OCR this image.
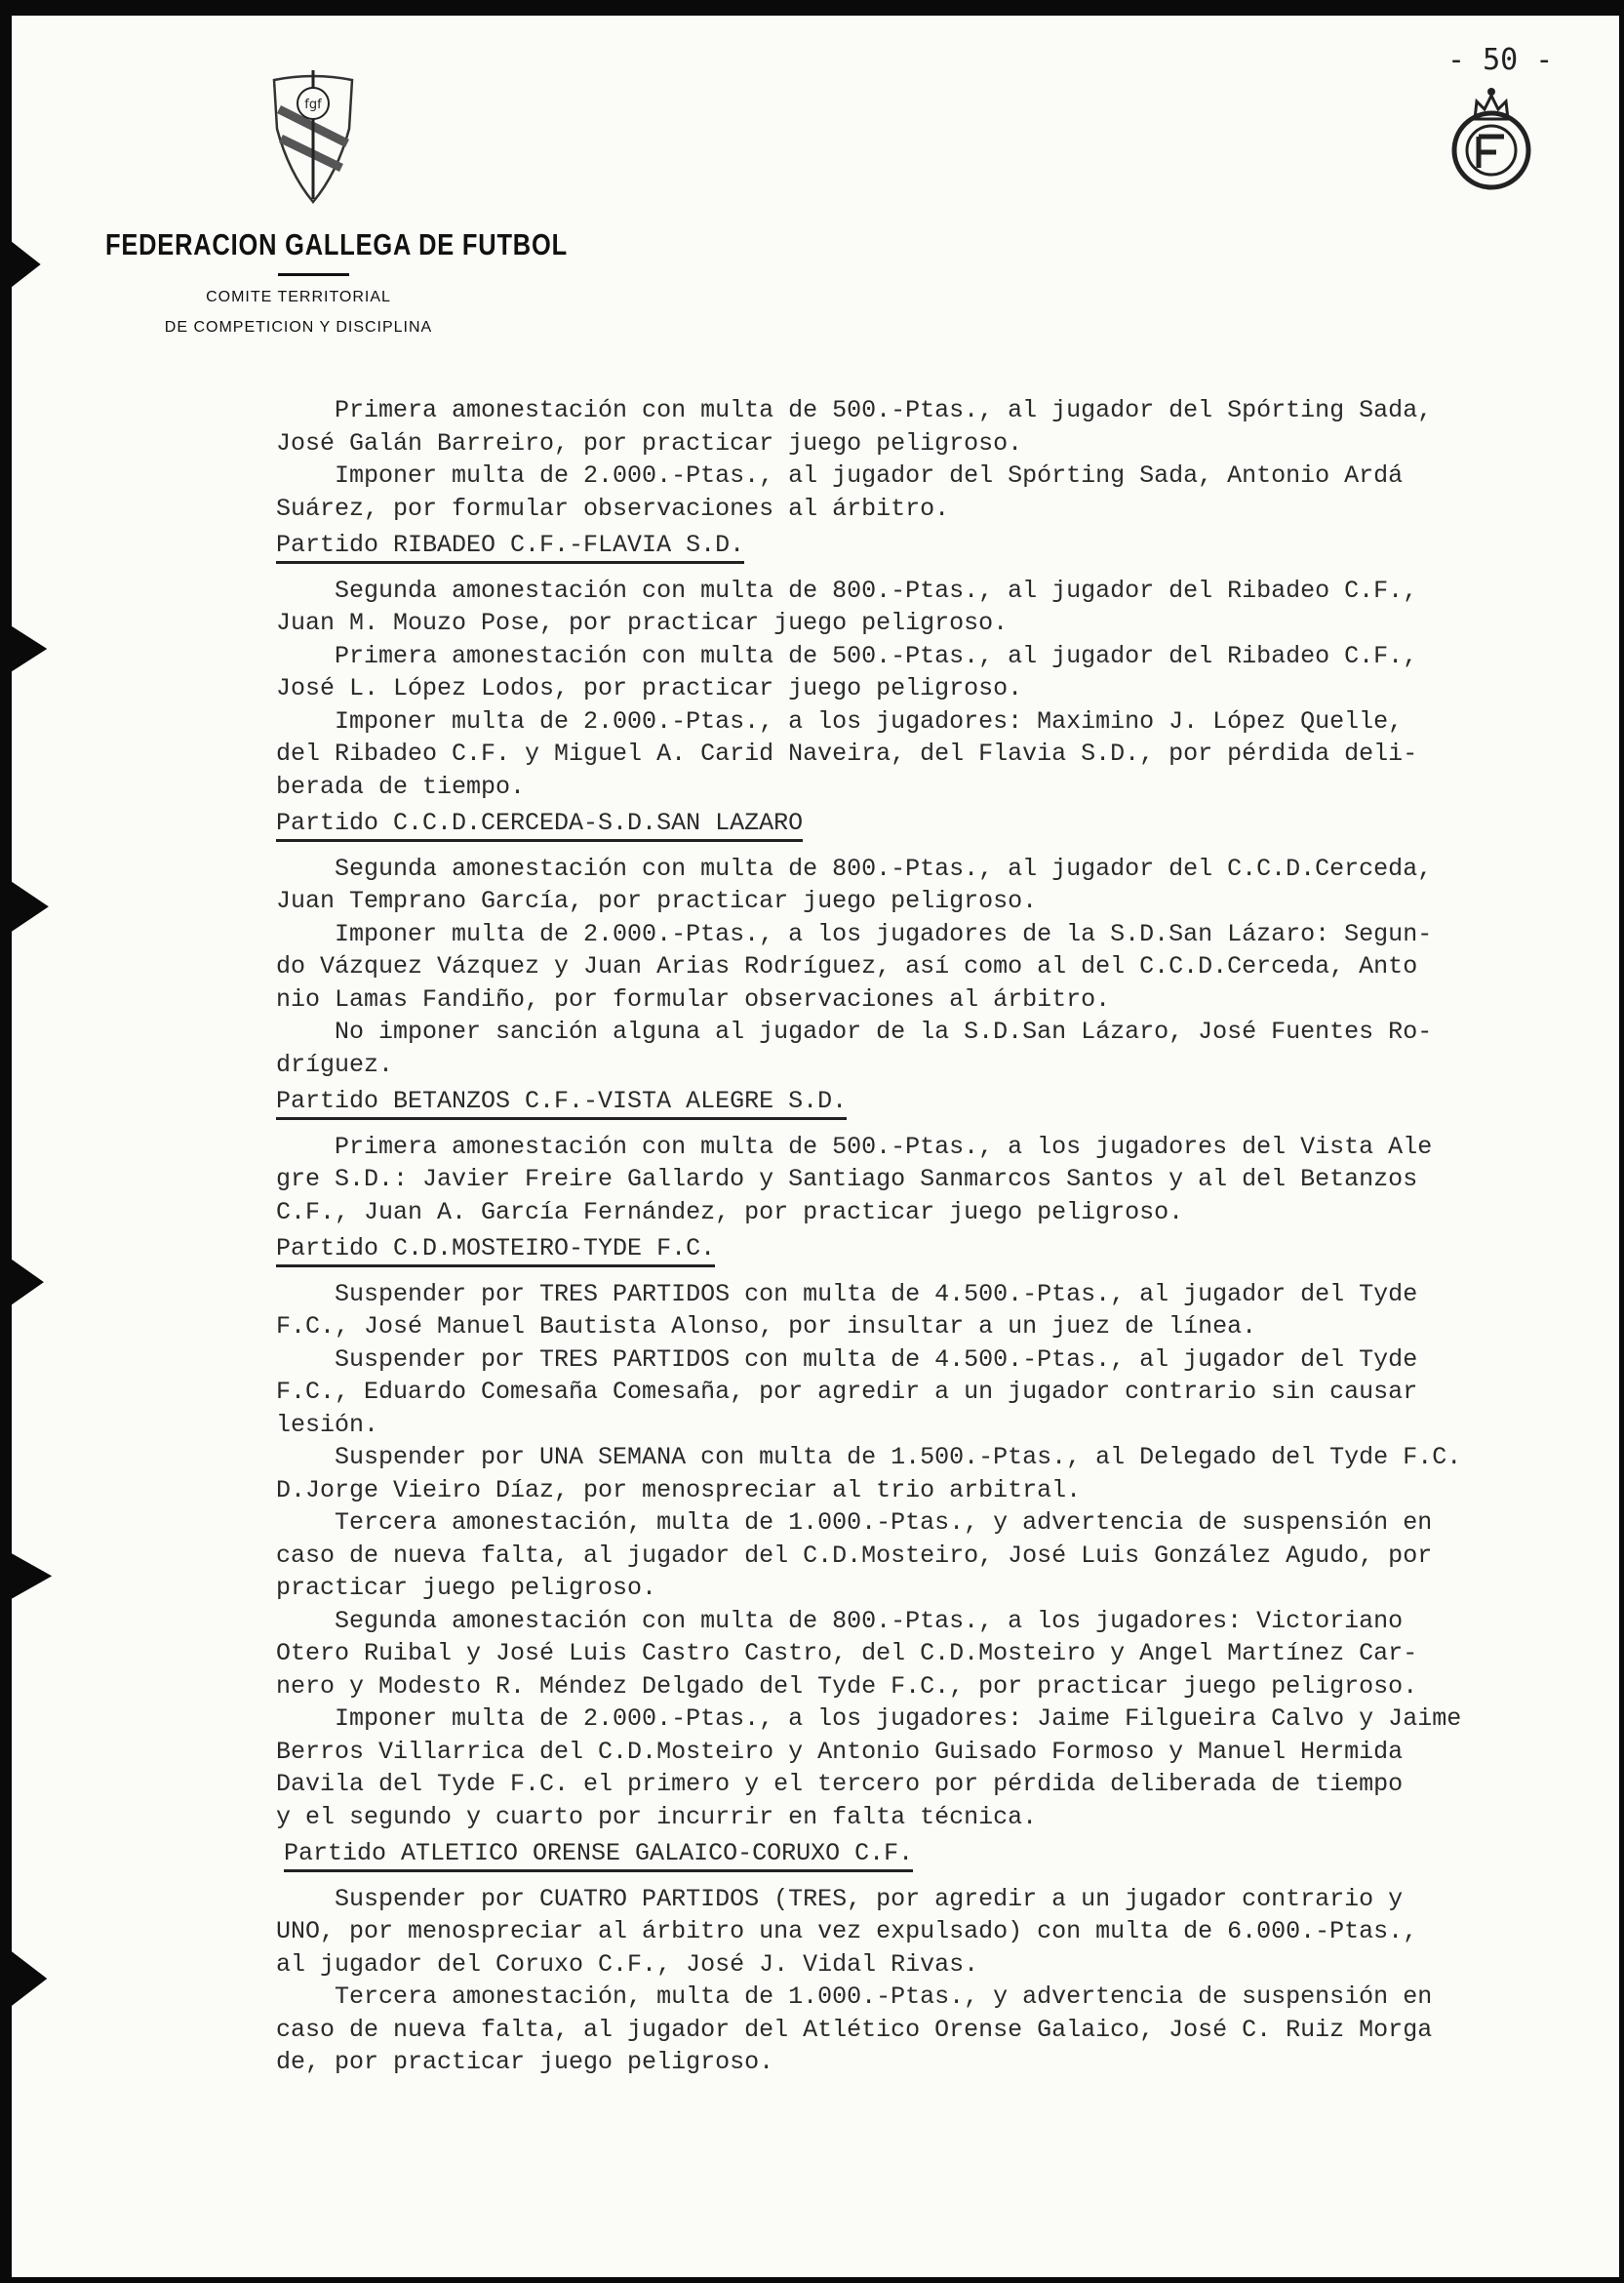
- 50 -
fgf
FEDERACION GALLEGA DE FUTBOL
COMITE TERRITORIAL
DE COMPETICION Y DISCIPLINA

Primera amonestación con multa de 500.-Ptas., al jugador del Spórting Sada,
José Galán Barreiro, por practicar juego peligroso.

Imponer multa de 2.000.-Ptas., al jugador del Spórting Sada, Antonio Ardá
Suárez, por formular observaciones al árbitro.

Partido RIBADEO C.F.-FLAVIA S.D.

Segunda amonestación con multa de 800.-Ptas., al jugador del Ribadeo C.F.,
Juan M. Mouzo Pose, por practicar juego peligroso.

Primera amonestación con multa de 500.-Ptas., al jugador del Ribadeo C.F.,
José L. López Lodos, por practicar juego peligroso.

Imponer multa de 2.000.-Ptas., a los jugadores: Maximino J. López Quelle,
del Ribadeo C.F. y Miguel A. Carid Naveira, del Flavia S.D., por pérdida deli-
berada de tiempo.

Partido C.C.D.CERCEDA-S.D.SAN LAZARO

Segunda amonestación con multa de 800.-Ptas., al jugador del C.C.D.Cerceda,
Juan Temprano García, por practicar juego peligroso.

Imponer multa de 2.000.-Ptas., a los jugadores de la S.D.San Lázaro: Segun-
do Vázquez Vázquez y Juan Arias Rodríguez, así como al del C.C.D.Cerceda, Anto
nio Lamas Fandiño, por formular observaciones al árbitro.

No imponer sanción alguna al jugador de la S.D.San Lázaro, José Fuentes Ro-
dríguez.

Partido BETANZOS C.F.-VISTA ALEGRE S.D.

Primera amonestación con multa de 500.-Ptas., a los jugadores del Vista Ale
gre S.D.: Javier Freire Gallardo y Santiago Sanmarcos Santos y al del Betanzos
C.F., Juan A. García Fernández, por practicar juego peligroso.

Partido C.D.MOSTEIRO-TYDE F.C.

Suspender por TRES PARTIDOS con multa de 4.500.-Ptas., al jugador del Tyde
F.C., José Manuel Bautista Alonso, por insultar a un juez de línea.

Suspender por TRES PARTIDOS con multa de 4.500.-Ptas., al jugador del Tyde
F.C., Eduardo Comesaña Comesaña, por agredir a un jugador contrario sin causar
lesión.

Suspender por UNA SEMANA con multa de 1.500.-Ptas., al Delegado del Tyde F.C.
D.Jorge Vieiro Díaz, por menospreciar al trio arbitral.

Tercera amonestación, multa de 1.000.-Ptas., y advertencia de suspensión en
caso de nueva falta, al jugador del C.D.Mosteiro, José Luis González Agudo, por
practicar juego peligroso.

Segunda amonestación con multa de 800.-Ptas., a los jugadores: Victoriano
Otero Ruibal y José Luis Castro Castro, del C.D.Mosteiro y Angel Martínez Car-
nero y Modesto R. Méndez Delgado del Tyde F.C., por practicar juego peligroso.

Imponer multa de 2.000.-Ptas., a los jugadores: Jaime Filgueira Calvo y Jaime
Berros Villarrica del C.D.Mosteiro y Antonio Guisado Formoso y Manuel Hermida
Davila del Tyde F.C. el primero y el tercero por pérdida deliberada de tiempo
y el segundo y cuarto por incurrir en falta técnica.

Partido ATLETICO ORENSE GALAICO-CORUXO C.F.

Suspender por CUATRO PARTIDOS (TRES, por agredir a un jugador contrario y
UNO, por menospreciar al árbitro una vez expulsado) con multa de 6.000.-Ptas.,
al jugador del Coruxo C.F., José J. Vidal Rivas.

Tercera amonestación, multa de 1.000.-Ptas., y advertencia de suspensión en
caso de nueva falta, al jugador del Atlético Orense Galaico, José C. Ruiz Morga
de, por practicar juego peligroso.
